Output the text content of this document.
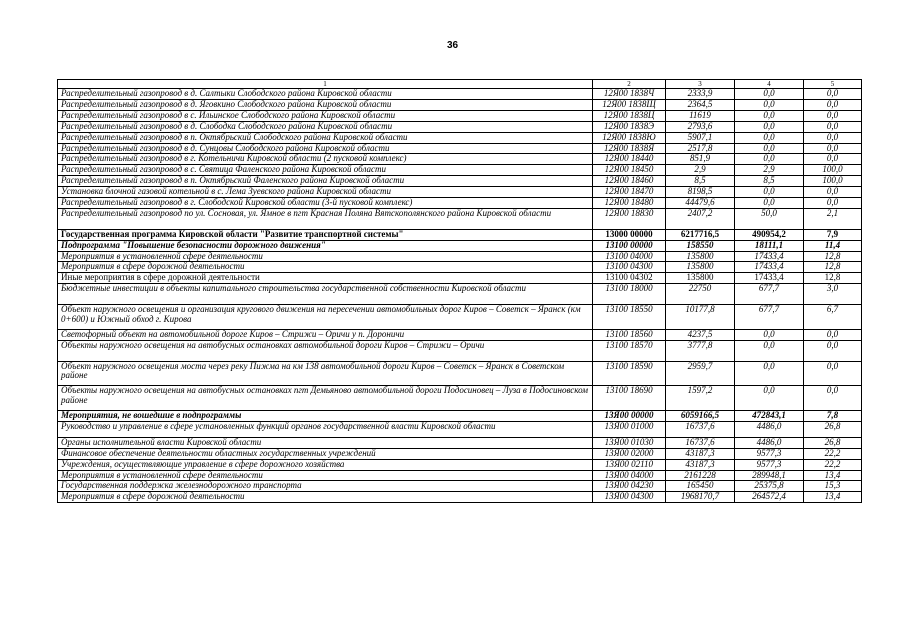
36
1	2	3	4	5
Распределительный газопровод в д. Салтыки Слободского района Кировской области	12Я00 1838Ч	2333,9	0,0	0,0
Распределительный газопровод в д. Яговкино Слободского района Кировской области	12Я00 1838Щ	2364,5	0,0	0,0
Распределительный газопровод в с. Ильинское Слободского района Кировской области	12Я00 1838Ц	11619	0,0	0,0
Распределительный газопровод в д. Слободка Слободского района Кировской области	12Я00 1838Э	2793,6	0,0	0,0
Распределительный газопровод в п. Октябрьский Слободского района Кировской области	12Я00 1838Ю	5907,1	0,0	0,0
Распределительный газопровод в д. Сунцовы Слободского района Кировской области	12Я00 1838Я	2517,8	0,0	0,0
Распределительный газопровод в г. Котельничи Кировской области (2 пусковой комплекс)	12Я00 18440	851,9	0,0	0,0
Распределительный газопровод в с. Святица Фаленского района Кировской области	12Я00 18450	2,9	2,9	100,0
Распределительный газопровод в п. Октябрьский Фаленского района Кировской области	12Я00 18460	8,5	8,5	100,0
Установка блочной газовой котельной в с. Лема Зуевского района Кировской области	12Я00 18470	8198,5	0,0	0,0
Распределительный газопровод в г. Слободской Кировской области (3-й пусковой комплекс)	12Я00 18480	44479,6	0,0	0,0
Распределительный газопровод по ул. Сосновая, ул. Ямное в пгт Красная Поляна Вятскополянского района Кировской области	12Я00 18830	2407,2	50,0	2,1
Государственная программа Кировской области "Развитие транспортной системы"	13000 00000	6217716,5	490954,2	7,9
Подпрограмма "Повышение безопасности дорожного движения"	13100 00000	158550	18111,1	11,4
Мероприятия в установленной сфере деятельности	13100 04000	135800	17433,4	12,8
Мероприятия в сфере дорожной деятельности	13100 04300	135800	17433,4	12,8
Иные мероприятия в сфере дорожной деятельности	13100 04302	135800	17433,4	12,8
Бюджетные инвестиции в объекты капитального строительства государственной собственности Кировской области	13100 18000	22750	677,7	3,0
Объект наружного освещения и организация кругового движения на пересечении автомобильных дорог Киров – Советск – Яранск (км 0+600) и Южный обход г. Кирова	13100 18550	10177,8	677,7	6,7
Светофорный объект на автомобильной дороге Киров – Стрижи – Оричи у п. Дороничи	13100 18560	4237,5	0,0	0,0
Объекты наружного освещения на автобусных остановках автомобильной дороги Киров – Стрижи – Оричи	13100 18570	3777,8	0,0	0,0
Объект наружного освещения моста через реку Пижма на км 138 автомобильной дороги Киров – Советск – Яранск в Советском районе	13100 18590	2959,7	0,0	0,0
Объекты наружного освещения на автобусных остановках пгт Демьяново автомобильной дороги Подосиновец – Луза в Подосиновском районе	13100 18690	1597,2	0,0	0,0
Мероприятия, не вошедшие в подпрограммы	13Я00 00000	6059166,5	472843,1	7,8
Руководство и управление в сфере установленных функций органов государственной власти Кировской области	13Я00 01000	16737,6	4486,0	26,8
Органы исполнительной власти Кировской области	13Я00 01030	16737,6	4486,0	26,8
Финансовое обеспечение деятельности областных государственных учреждений	13Я00 02000	43187,3	9577,3	22,2
Учреждения, осуществляющие управление в сфере дорожного хозяйства	13Я00 02110	43187,3	9577,3	22,2
Мероприятия в установленной сфере деятельности	13Я00 04000	2161228	289948,1	13,4
Государственная поддержка железнодорожного транспорта	13Я00 04230	165450	25375,8	15,3
Мероприятия в сфере дорожной деятельности	13Я00 04300	1968170,7	264572,4	13,4
